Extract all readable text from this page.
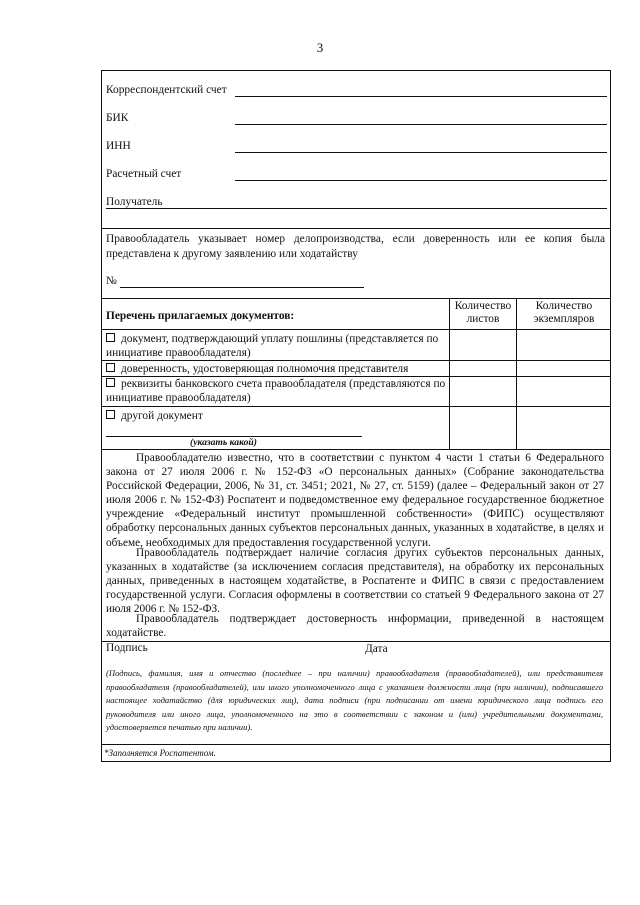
3
Корреспондентский счет
БИК
ИНН
Расчетный счет
Получатель
Правообладатель указывает номер делопроизводства, если доверенность или ее копия была представлена к другому заявлению или ходатайству
№
Перечень прилагаемых документов:
Количество листов
Количество экземпляров
документ, подтверждающий уплату пошлины (представляется по инициативе правообладателя)
доверенность, удостоверяющая полномочия представителя
реквизиты банковского счета правообладателя (представляются по инициативе правообладателя)
другой документ
(указать какой)
Правообладателю известно, что в соответствии с пунктом 4 части 1 статьи 6 Федерального закона от 27 июля 2006 г. № 152-ФЗ «О персональных данных» (Собрание законодательства Российской Федерации, 2006, № 31, ст. 3451; 2021, № 27, ст. 5159) (далее – Федеральный закон от 27 июля 2006 г. № 152-ФЗ) Роспатент и подведомственное ему федеральное государственное бюджетное учреждение «Федеральный институт промышленной собственности» (ФИПС) осуществляют обработку персональных данных субъектов персональных данных, указанных в ходатайстве, в целях и объеме, необходимых для предоставления государственной услуги.
Правообладатель подтверждает наличие согласия других субъектов персональных данных, указанных в ходатайстве (за исключением согласия представителя), на обработку их персональных данных, приведенных в настоящем ходатайстве, в Роспатенте и ФИПС в связи с предоставлением государственной услуги. Согласия оформлены в соответствии со статьей 9 Федерального закона от 27 июля 2006 г. № 152-ФЗ.
Правообладатель подтверждает достоверность информации, приведенной в настоящем ходатайстве.
Подпись	Дата
(Подпись, фамилия, имя и отчество (последнее – при наличии) правообладателя (правообладателей), или представителя правообладателя (правообладателей), или иного уполномоченного лица с указанием должности лица (при наличии), подписавшего настоящее ходатайство (для юридических лиц), дата подписи (при подписании от имени юридического лица подпись его руководителя или иного лица, уполномоченного на это в соответствии с законом и (или) учредительными документами, удостоверяется печатью при наличии).
*Заполняется Роспатентом.
